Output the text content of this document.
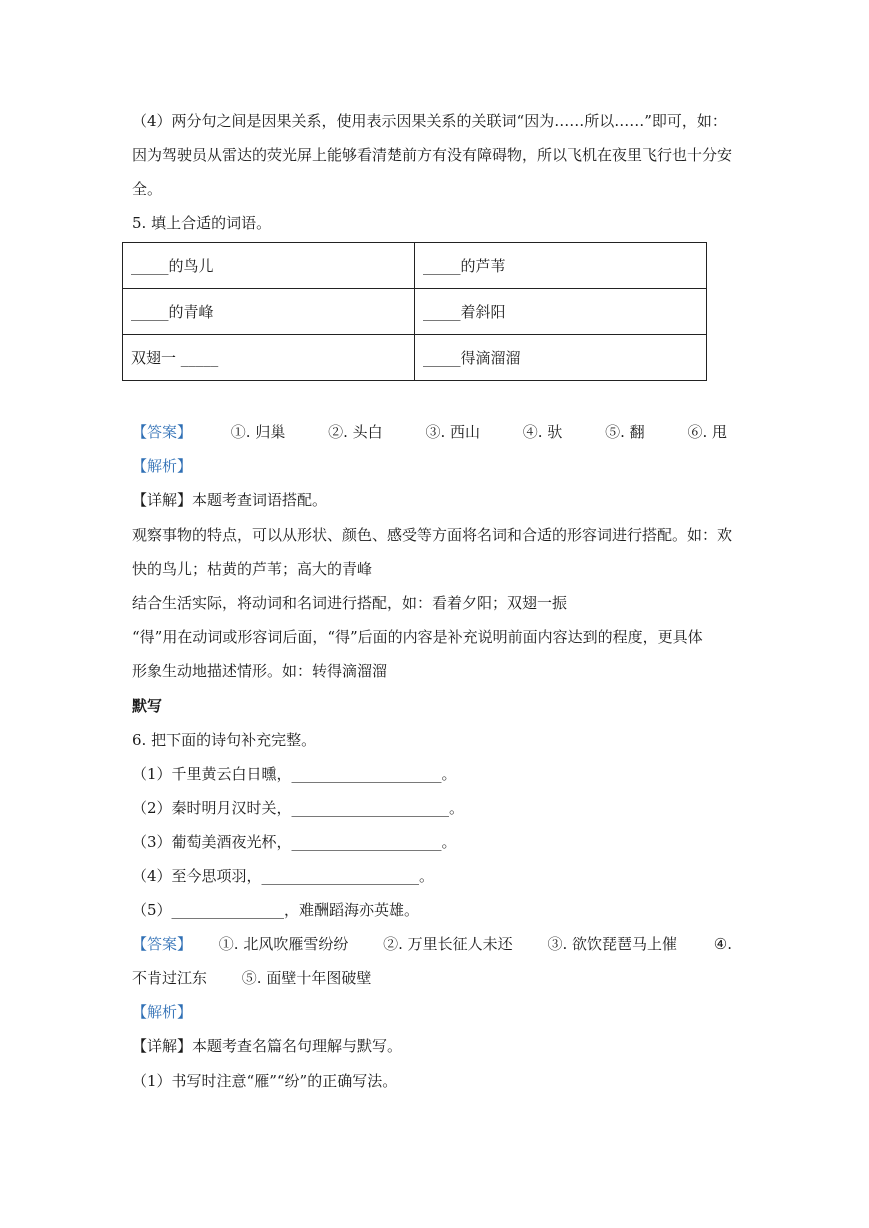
（4）两分句之间是因果关系，使用表示因果关系的关联词“因为……所以……”即可，如：
因为驾驶员从雷达的荧光屏上能够看清楚前方有没有障碍物，所以飞机在夜里飞行也十分安
全。
5. 填上合适的词语。
_____的鸟儿	_____的芦苇
_____的青峰	_____着斜阳
双翅一 _____	_____得滴溜溜
【答案】	①. 归巢	②. 头白	③. 西山	④. 驮	⑤. 翻	⑥. 甩
【解析】
【详解】本题考查词语搭配。
观察事物的特点，可以从形状、颜色、感受等方面将名词和合适的形容词进行搭配。如：欢
快的鸟儿；枯黄的芦苇；高大的青峰
结合生活实际，将动词和名词进行搭配，如：看着夕阳；双翅一振
“得”用在动词或形容词后面，“得”后面的内容是补充说明前面内容达到的程度，更具体
形象生动地描述情形。如：转得滴溜溜
默写
6. 把下面的诗句补充完整。
（1）千里黄云白日曛，____________________。
（2）秦时明月汉时关，_____________________。
（3）葡萄美酒夜光杯，____________________。
（4）至今思项羽，_____________________。
（5）_______________，难酬蹈海亦英雄。
【答案】 ①. 北风吹雁雪纷纷 ②. 万里长征人未还 ③. 欲饮琵琶马上催 ④.
不肯过江东 ⑤. 面壁十年图破壁
【解析】
【详解】本题考查名篇名句理解与默写。
（1）书写时注意“雁”“纷”的正确写法。
